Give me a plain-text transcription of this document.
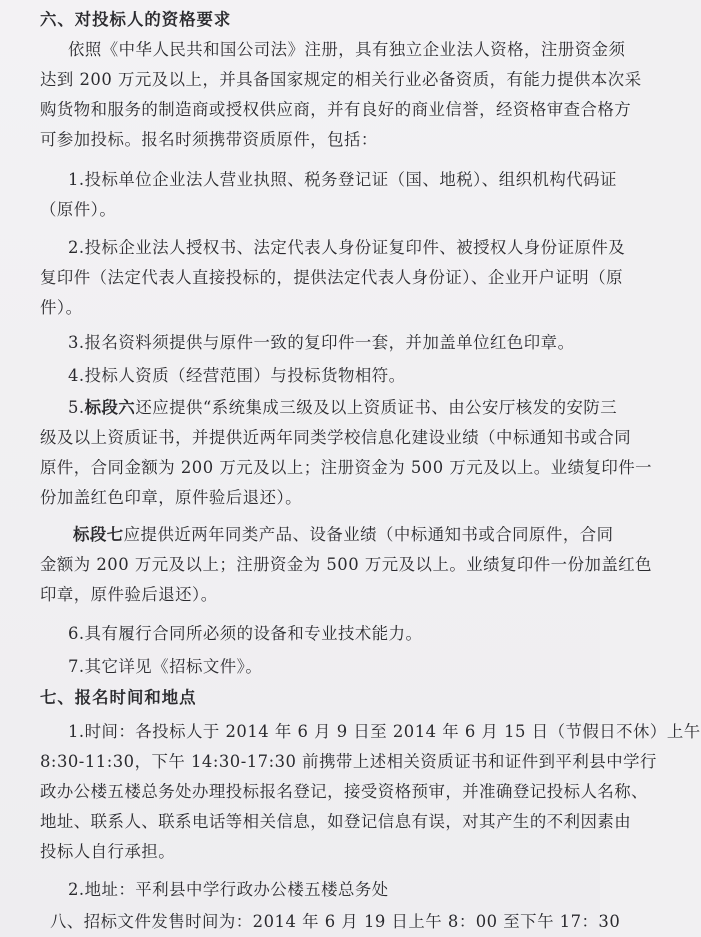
六、对投标人的资格要求
依照《中华人民共和国公司法》注册，具有独立企业法人资格，注册资金须
达到 200 万元及以上，并具备国家规定的相关行业必备资质，有能力提供本次采
购货物和服务的制造商或授权供应商，并有良好的商业信誉，经资格审查合格方
可参加投标。报名时须携带资质原件，包括：
1.投标单位企业法人营业执照、税务登记证（国、地税）、组织机构代码证
（原件）。
2.投标企业法人授权书、法定代表人身份证复印件、被授权人身份证原件及
复印件（法定代表人直接投标的，提供法定代表人身份证）、企业开户证明（原
件）。
3.报名资料须提供与原件一致的复印件一套，并加盖单位红色印章。
4.投标人资质（经营范围）与投标货物相符。
5.标段六还应提供“系统集成三级及以上资质证书、由公安厅核发的安防三
级及以上资质证书，并提供近两年同类学校信息化建设业绩（中标通知书或合同
原件，合同金额为 200 万元及以上；注册资金为 500 万元及以上。业绩复印件一
份加盖红色印章，原件验后退还）。
标段七应提供近两年同类产品、设备业绩（中标通知书或合同原件，合同
金额为 200 万元及以上；注册资金为 500 万元及以上。业绩复印件一份加盖红色
印章，原件验后退还）。
6.具有履行合同所必须的设备和专业技术能力。
7.其它详见《招标文件》。
七、报名时间和地点
1.时间：各投标人于 2014 年 6 月 9 日至 2014 年 6 月 15 日（节假日不休）上午
8:30-11:30，下午 14:30-17:30 前携带上述相关资质证书和证件到平利县中学行
政办公楼五楼总务处办理投标报名登记，接受资格预审，并准确登记投标人名称、
地址、联系人、联系电话等相关信息，如登记信息有误，对其产生的不利因素由
投标人自行承担。
2.地址：平利县中学行政办公楼五楼总务处
八、招标文件发售时间为：2014 年 6 月 19 日上午 8：00 至下午 17：30
